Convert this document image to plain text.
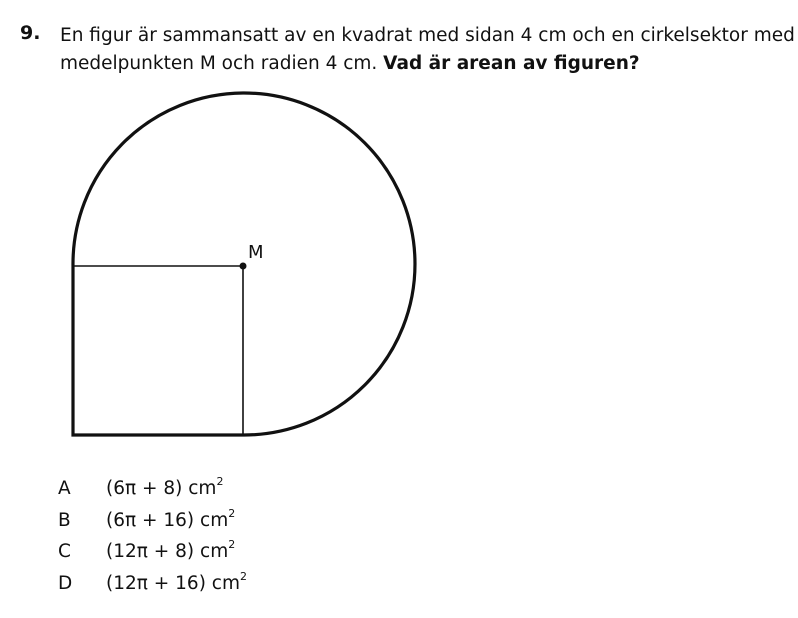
9. En figur är sammansatt av en kvadrat med sidan 4 cm och en cirkelsektor med
medelpunkten M och radien 4 cm. Vad är arean av figuren?
M
A	(6π + 8) $cm^2$
B	(6π + 16) $cm^2$
C	(12π + 8) $cm^2$
D	(12π + 16) $cm^2$
